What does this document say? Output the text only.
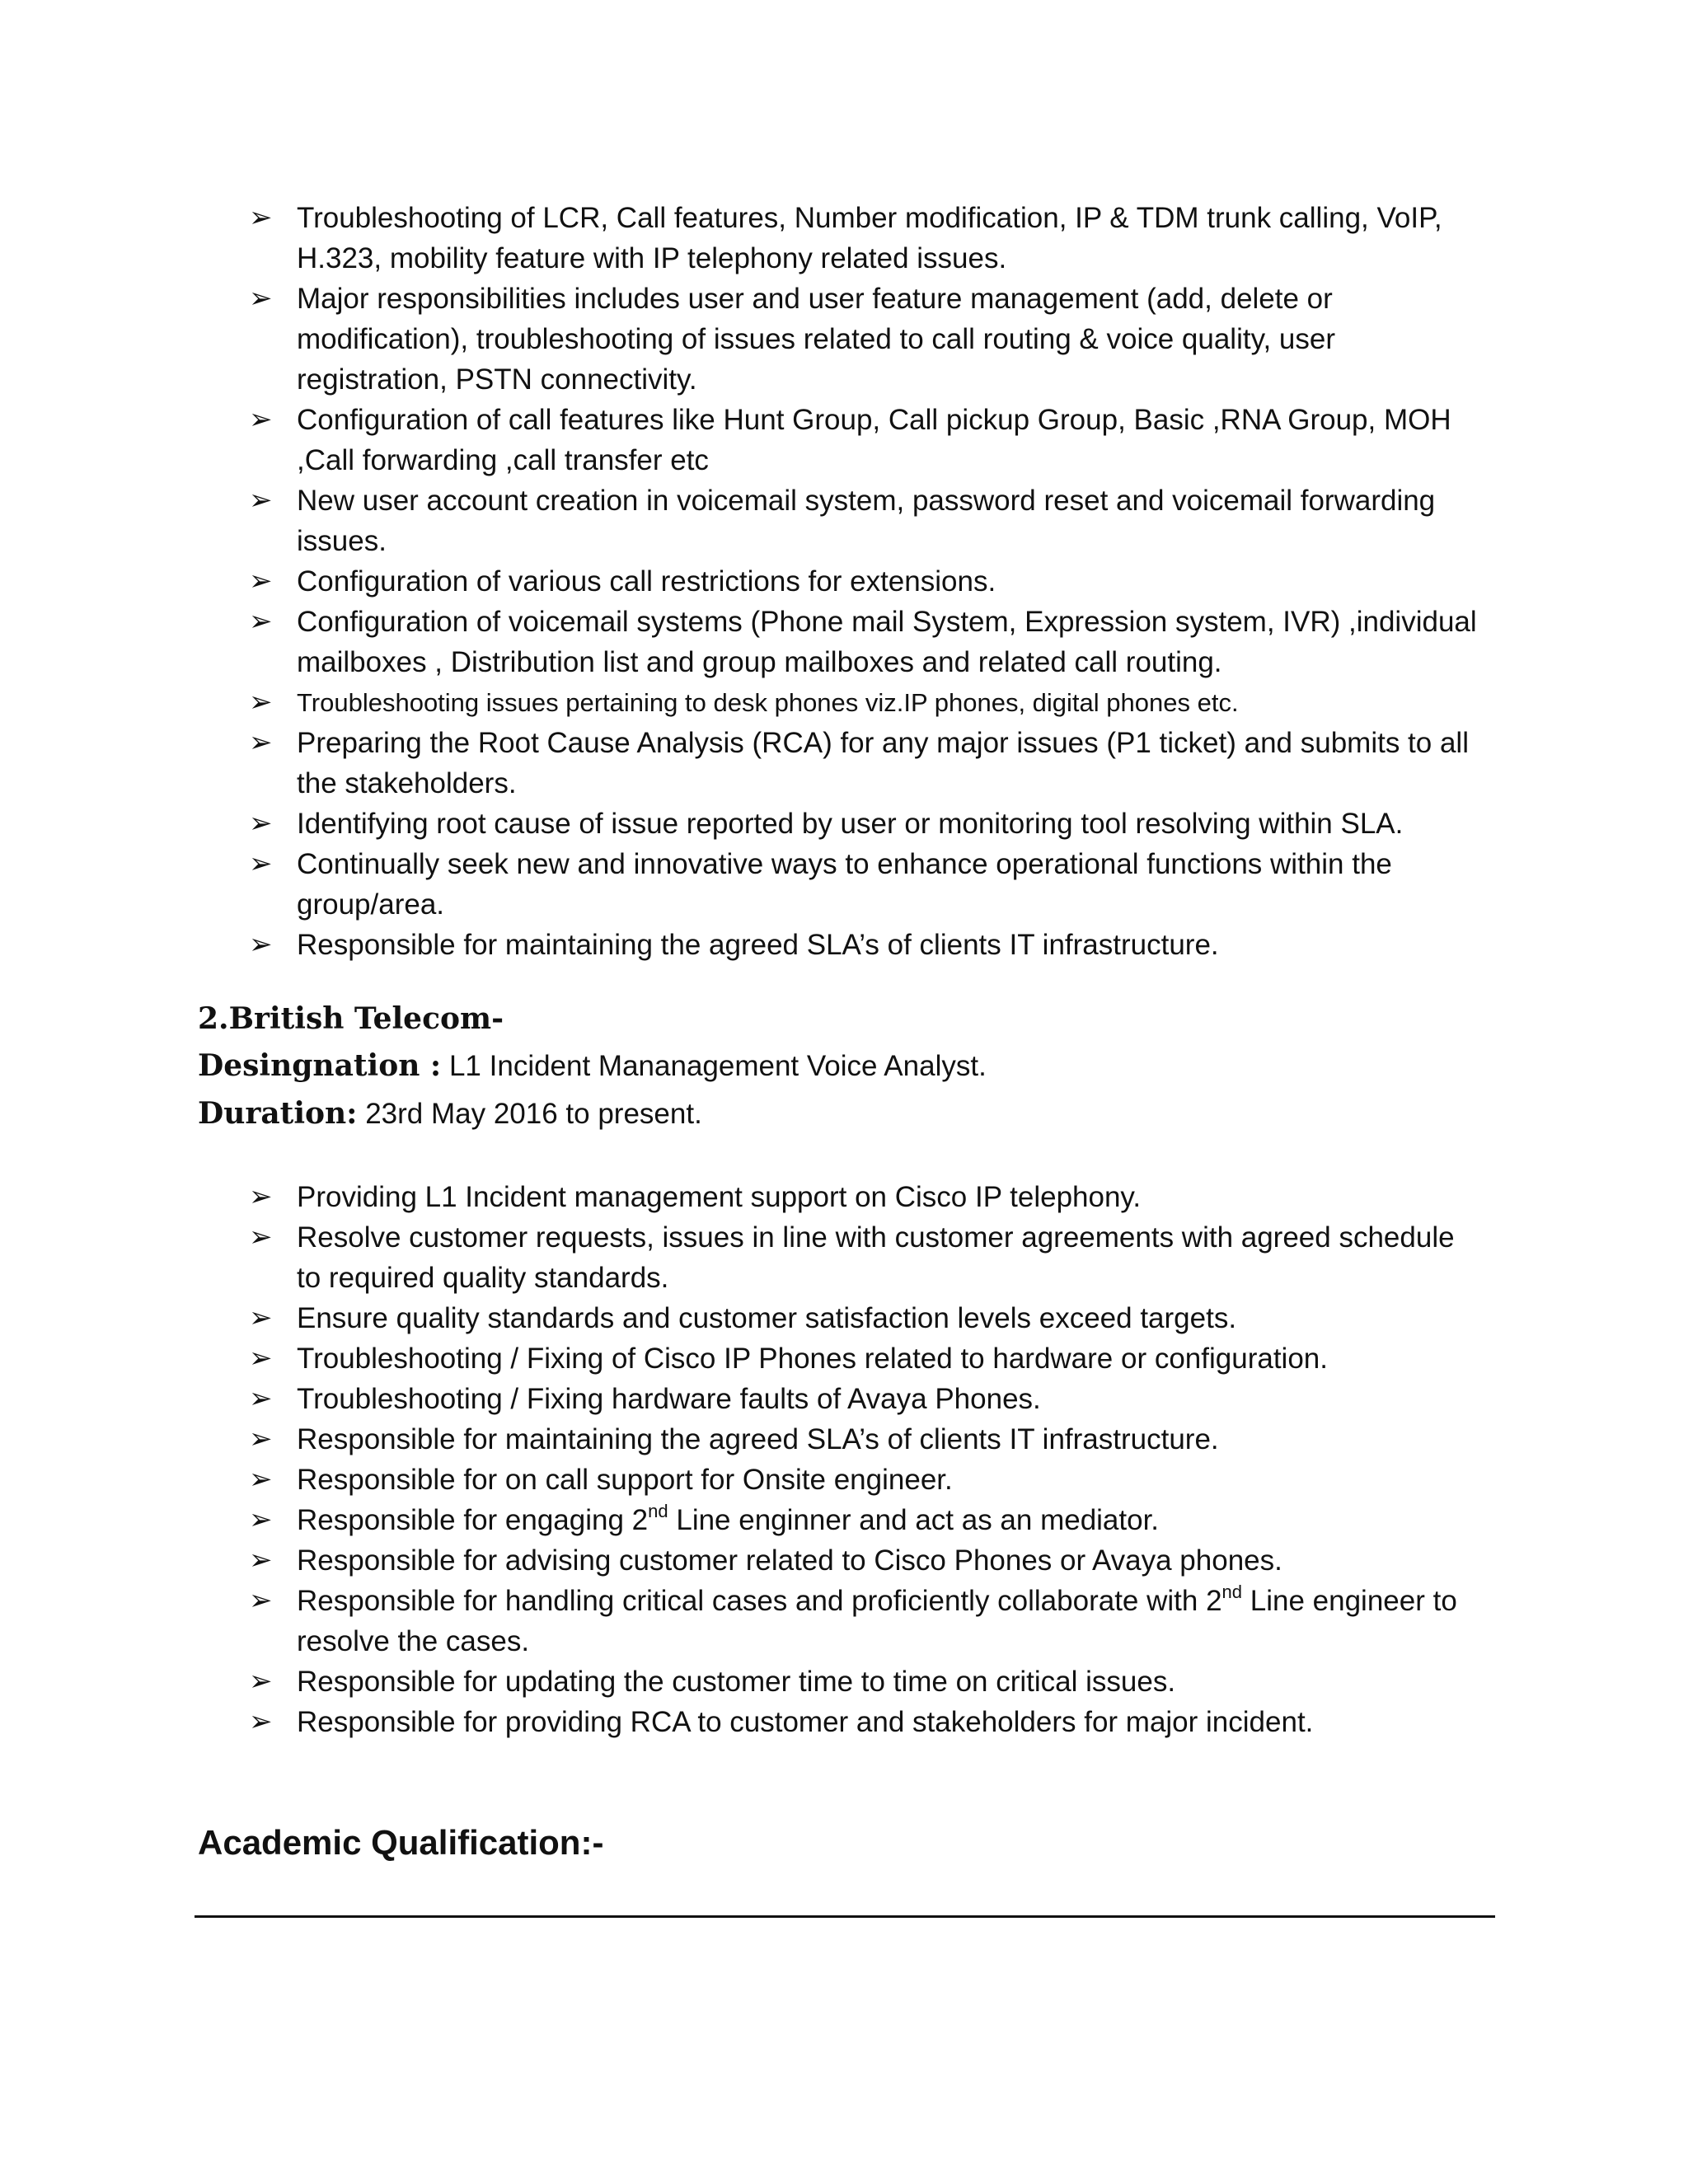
➢ Troubleshooting of LCR, Call features, Number modification, IP & TDM trunk calling, VoIP, H.323, mobility feature with IP telephony related issues.
➢ Major responsibilities includes user and user feature management (add, delete or modification), troubleshooting of issues related to call routing & voice quality, user registration, PSTN connectivity.
➢ Configuration of call features like Hunt Group, Call pickup Group, Basic ,RNA Group, MOH ,Call forwarding ,call transfer etc
➢ New user account creation in voicemail system, password reset and voicemail forwarding issues.
➢ Configuration of various call restrictions for extensions.
➢ Configuration of voicemail systems (Phone mail System, Expression system, IVR) ,individual mailboxes , Distribution list and group mailboxes and related call routing.
➢ Troubleshooting issues pertaining to desk phones viz.IP phones, digital phones etc.
➢ Preparing the Root Cause Analysis (RCA) for any major issues (P1 ticket) and submits to all the stakeholders.
➢ Identifying root cause of issue reported by user or monitoring tool resolving within SLA.
➢ Continually seek new and innovative ways to enhance operational functions within the group/area.
➢ Responsible for maintaining the agreed SLA’s of clients IT infrastructure.
2.British Telecom-
Desingnation : L1 Incident Mananagement Voice Analyst.
Duration: 23rd May 2016 to present.
➢ Providing L1 Incident management support on Cisco IP telephony.
➢ Resolve customer requests, issues in line with customer agreements with agreed schedule to required quality standards.
➢ Ensure quality standards and customer satisfaction levels exceed targets.
➢ Troubleshooting / Fixing of Cisco IP Phones related to hardware or configuration.
➢ Troubleshooting / Fixing hardware faults of Avaya Phones.
➢ Responsible for maintaining the agreed SLA’s of clients IT infrastructure.
➢ Responsible for on call support for Onsite engineer.
➢ Responsible for engaging 2nd Line enginner and act as an mediator.
➢ Responsible for advising customer related to Cisco Phones or Avaya phones.
➢ Responsible for handling critical cases and proficiently collaborate with 2nd Line engineer to resolve the cases.
➢ Responsible for updating the customer time to time on critical issues.
➢ Responsible for providing RCA to customer and stakeholders for major incident.
Academic Qualification:-
